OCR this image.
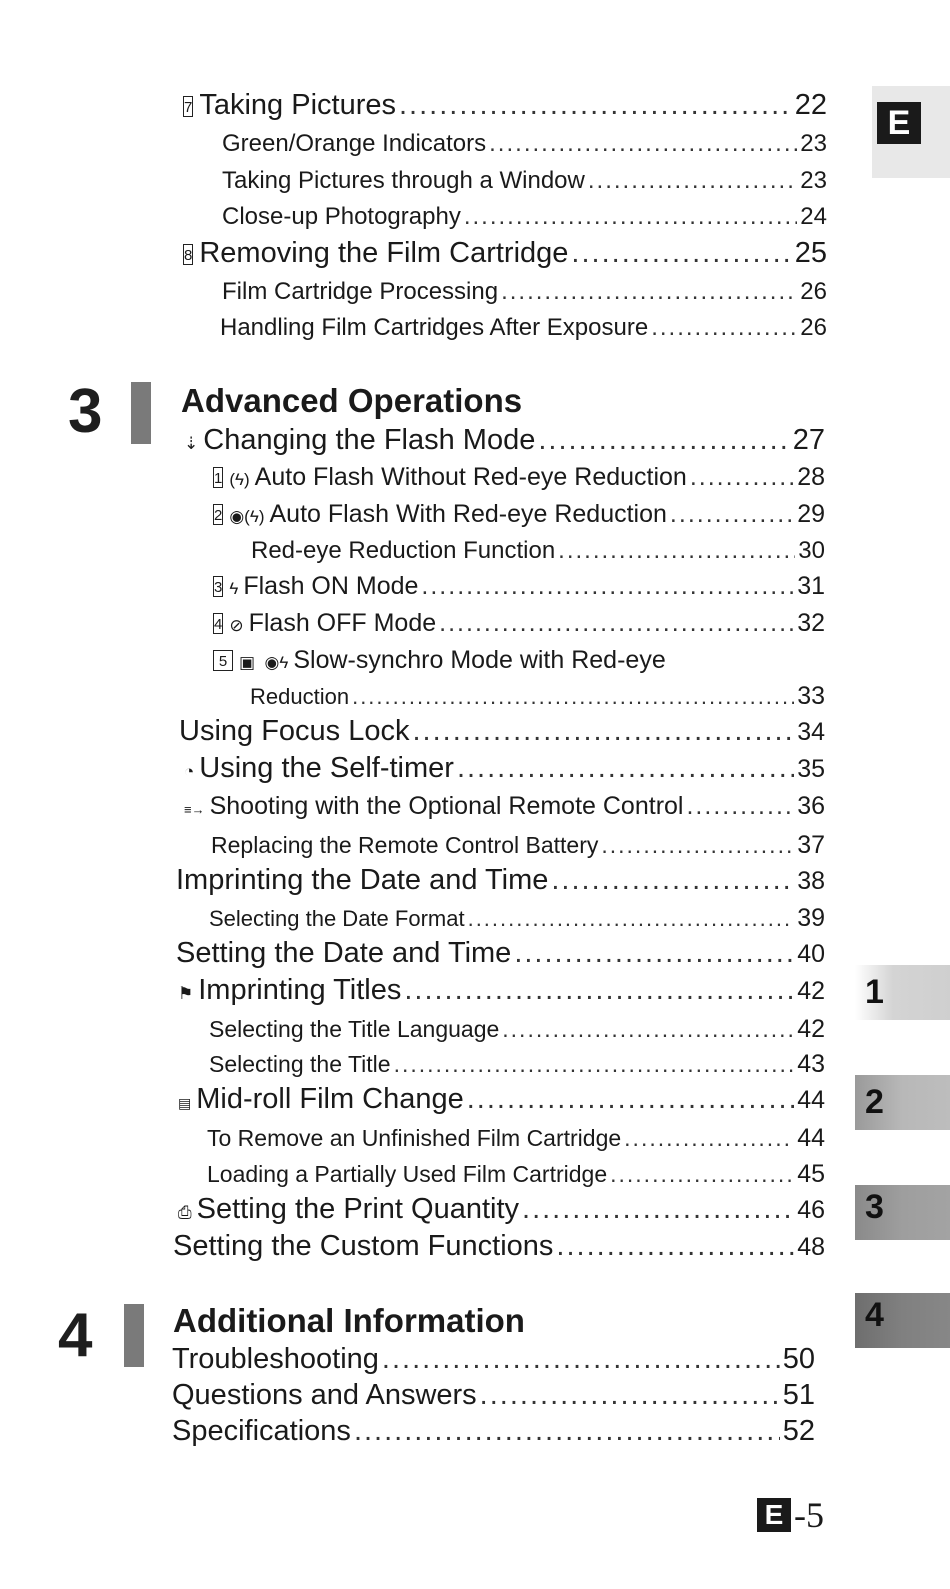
E
3 Advanced Operations
4 Additional Information
7 Taking Pictures .....	22
Green/Orange Indicators .....	23
Taking Pictures through a Window .....	23
Close-up Photography .....	24
8 Removing the Film Cartridge .....	25
Film Cartridge Processing .....	26
Handling Film Cartridges After Exposure .....	26
⇣ Changing the Flash Mode .....	27
1 (ϟ) Auto Flash Without Red-eye Reduction .....	28
2 ◉(ϟ) Auto Flash With Red-eye Reduction .....	29
Red-eye Reduction Function .....	30
3 ϟ Flash ON Mode .....	31
4 ⊘ Flash OFF Mode .....	32
5 ▣  ◉ϟ Slow-synchro Mode with Red-eye
Reduction .....	33
Using Focus Lock .....	34
◔ Using the Self-timer .....	35
≡→ Shooting with the Optional Remote Control .....	36
Replacing the Remote Control Battery .....	37
Imprinting the Date and Time .....	38
Selecting the Date Format .....	39
Setting the Date and Time .....	40
⚑ Imprinting Titles .....	42
Selecting the Title Language .....	42
Selecting the Title .....	43
▤ Mid-roll Film Change .....	44
To Remove an Unfinished Film Cartridge .....	44
Loading a Partially Used Film Cartridge .....	45
⎙ Setting the Print Quantity .....	46
Setting the Custom Functions .....	48
Troubleshooting .....	50
Questions and Answers .....	51
Specifications .....	52
1
2
3
4
E -5
